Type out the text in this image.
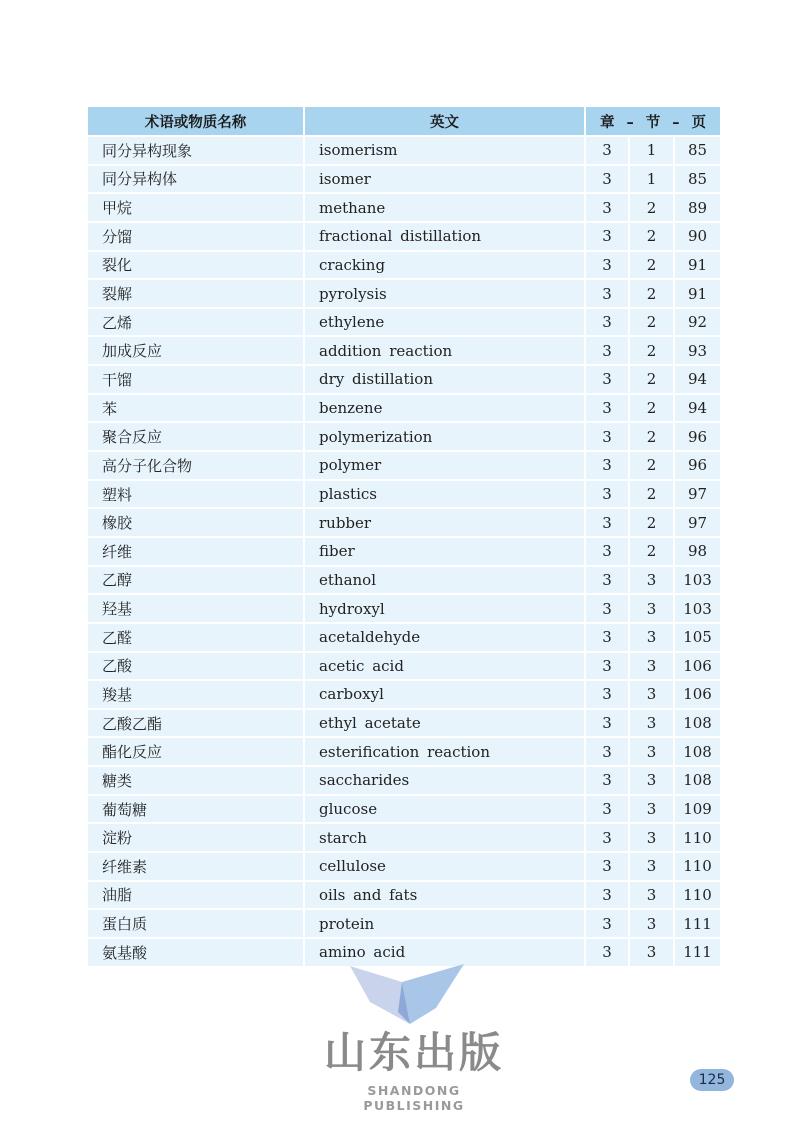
术语或物质名称	英文	章 – 节 – 页		
同分异构现象	isomerism	3	1	85
同分异构体	isomer	3	1	85
甲烷	methane	3	2	89
分馏	fractional distillation	3	2	90
裂化	cracking	3	2	91
裂解	pyrolysis	3	2	91
乙烯	ethylene	3	2	92
加成反应	addition reaction	3	2	93
干馏	dry distillation	3	2	94
苯	benzene	3	2	94
聚合反应	polymerization	3	2	96
高分子化合物	polymer	3	2	96
塑料	plastics	3	2	97
橡胶	rubber	3	2	97
纤维	fiber	3	2	98
乙醇	ethanol	3	3	103
羟基	hydroxyl	3	3	103
乙醛	acetaldehyde	3	3	105
乙酸	acetic acid	3	3	106
羧基	carboxyl	3	3	106
乙酸乙酯	ethyl acetate	3	3	108
酯化反应	esterification reaction	3	3	108
糖类	saccharides	3	3	108
葡萄糖	glucose	3	3	109
淀粉	starch	3	3	110
纤维素	cellulose	3	3	110
油脂	oils and fats	3	3	110
蛋白质	protein	3	3	111
氨基酸	amino acid	3	3	111
山东出版
SHANDONG PUBLISHING
125
